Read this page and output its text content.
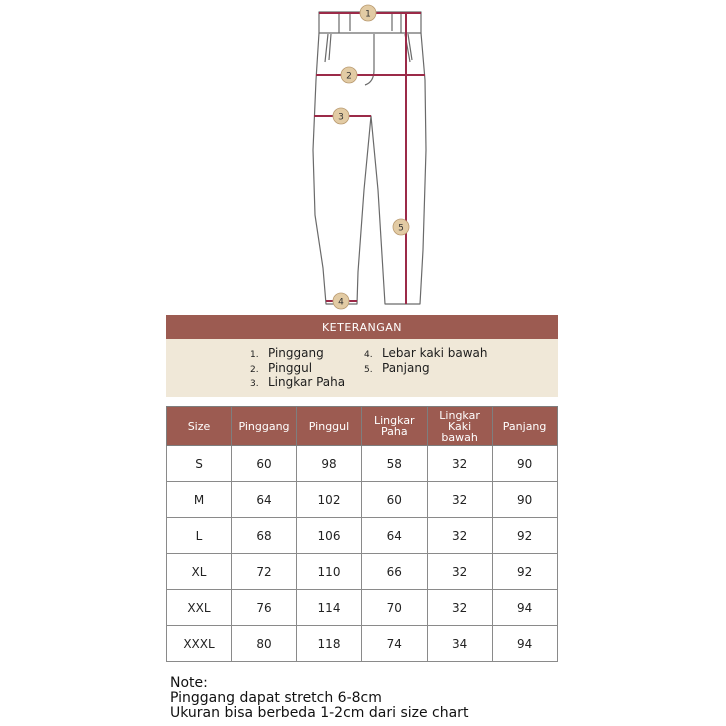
1
2
3
4
5
KETERANGAN
1. Pinggang
2. Pinggul
3. Lingkar Paha
4. Lebar kaki bawah
5. Panjang
Size	Pinggang	Pinggul	Lingkar Paha	Lingkar Kaki bawah	Panjang
S	60	98	58	32	90
M	64	102	60	32	90
L	68	106	64	32	92
XL	72	110	66	32	92
XXL	76	114	70	32	94
XXXL	80	118	74	34	94
Note:
Pinggang dapat stretch 6-8cm
Ukuran bisa berbeda 1-2cm dari size chart
